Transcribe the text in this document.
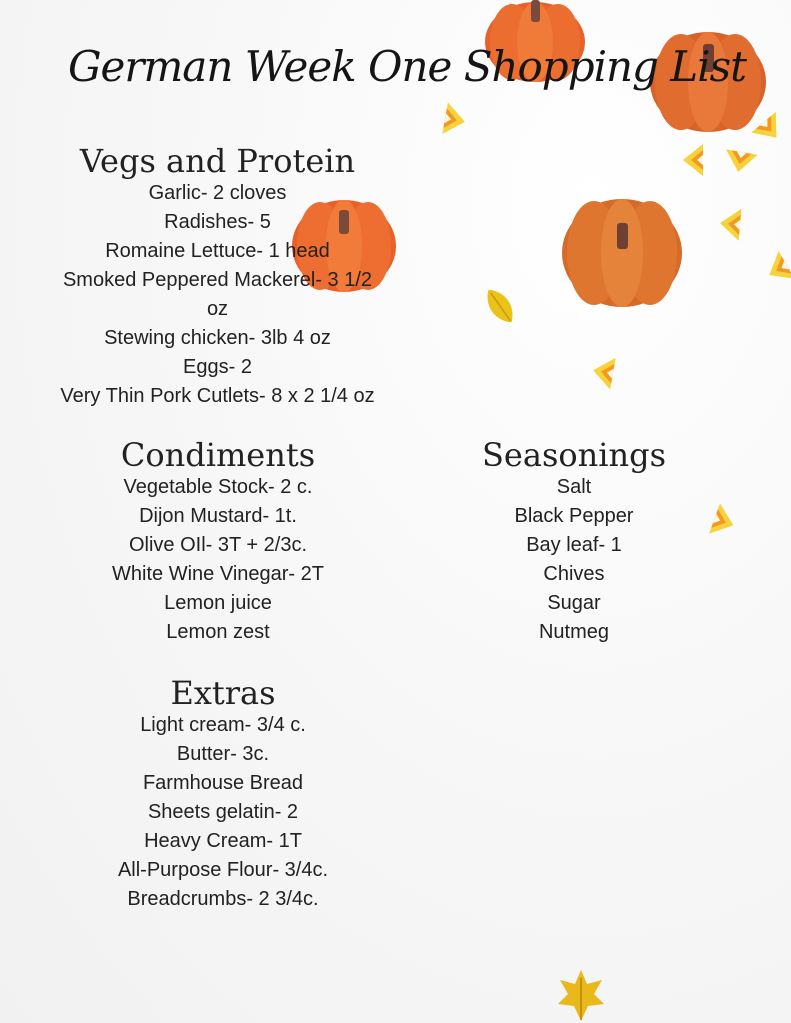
German Week One Shopping List
Vegs and Protein
Garlic- 2 cloves
Radishes- 5
Romaine Lettuce- 1 head
Smoked Peppered Mackerel- 3 1/2
oz
Stewing chicken- 3lb 4 oz
Eggs- 2
Very Thin Pork Cutlets- 8 x 2 1/4 oz
Condiments
Vegetable Stock- 2 c.
Dijon Mustard- 1t.
Olive OIl- 3T + 2/3c.
White Wine Vinegar- 2T
Lemon juice
Lemon zest
Seasonings
Salt
Black Pepper
Bay leaf- 1
Chives
Sugar
Nutmeg
Extras
Light cream- 3/4 c.
Butter- 3c.
Farmhouse Bread
Sheets gelatin- 2
Heavy Cream- 1T
All-Purpose Flour- 3/4c.
Breadcrumbs- 2 3/4c.
